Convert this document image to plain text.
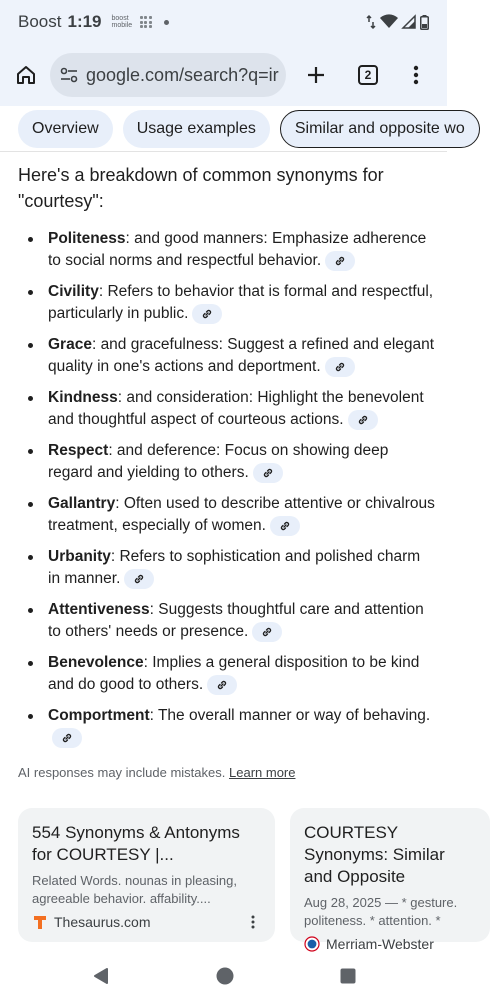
Boost 1:19 boost mobile
google.com/search?q=ir	2
Overview	Usage examples	Similar and opposite wo

Here's a breakdown of common synonyms for "courtesy":

Politeness: and good manners: Emphasize adherence to social norms and respectful behavior.
Civility: Refers to behavior that is formal and respectful, particularly in public.
Grace: and gracefulness: Suggest a refined and elegant quality in one's actions and deportment.
Kindness: and consideration: Highlight the benevolent and thoughtful aspect of courteous actions.
Respect: and deference: Focus on showing deep regard and yielding to others.
Gallantry: Often used to describe attentive or chivalrous treatment, especially of women.
Urbanity: Refers to sophistication and polished charm in manner.
Attentiveness: Suggests thoughtful care and attention to others' needs or presence.
Benevolence: Implies a general disposition to be kind and do good to others.
Comportment: The overall manner or way of behaving.

AI responses may include mistakes. Learn more

554 Synonyms & Antonyms for COURTESY |...
Related Words. nounas in pleasing, agreeable behavior. affability....
Thesaurus.com
COURTESY Synonyms: Similar and Opposite
Aug 28, 2025 — * gesture. politeness. * attention. *
Merriam-Webster
